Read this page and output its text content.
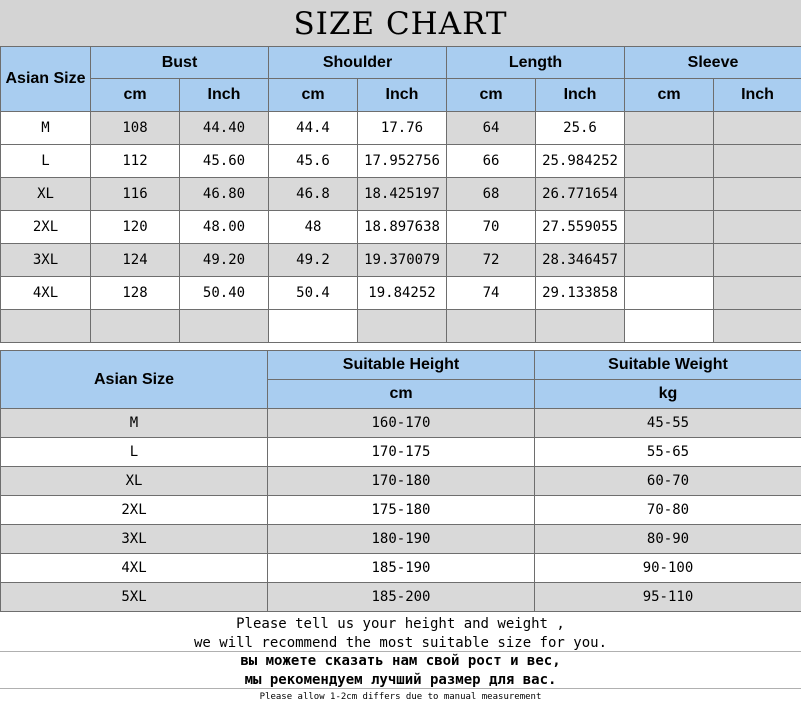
SIZE CHART
Asian Size	Bust		Shoulder		Length		Sleeve	
	cm	Inch	cm	Inch	cm	Inch	cm	Inch
M	108	44.40	44.4	17.76	64	25.6		
L	112	45.60	45.6	17.952756	66	25.984252		
XL	116	46.80	46.8	18.425197	68	26.771654		
2XL	120	48.00	48	18.897638	70	27.559055		
3XL	124	49.20	49.2	19.370079	72	28.346457		
4XL	128	50.40	50.4	19.84252	74	29.133858		

Asian Size	Suitable Height	Suitable Weight
	cm	kg
M	160-170	45-55
L	170-175	55-65
XL	170-180	60-70
2XL	175-180	70-80
3XL	180-190	80-90
4XL	185-190	90-100
5XL	185-200	95-110
Please tell us your height and weight ,
we will recommend the most suitable size for you.
вы можете сказать нам свой рост и вес,
мы рекомендуем лучший размер для вас.
Please allow 1-2cm differs due to manual measurement
